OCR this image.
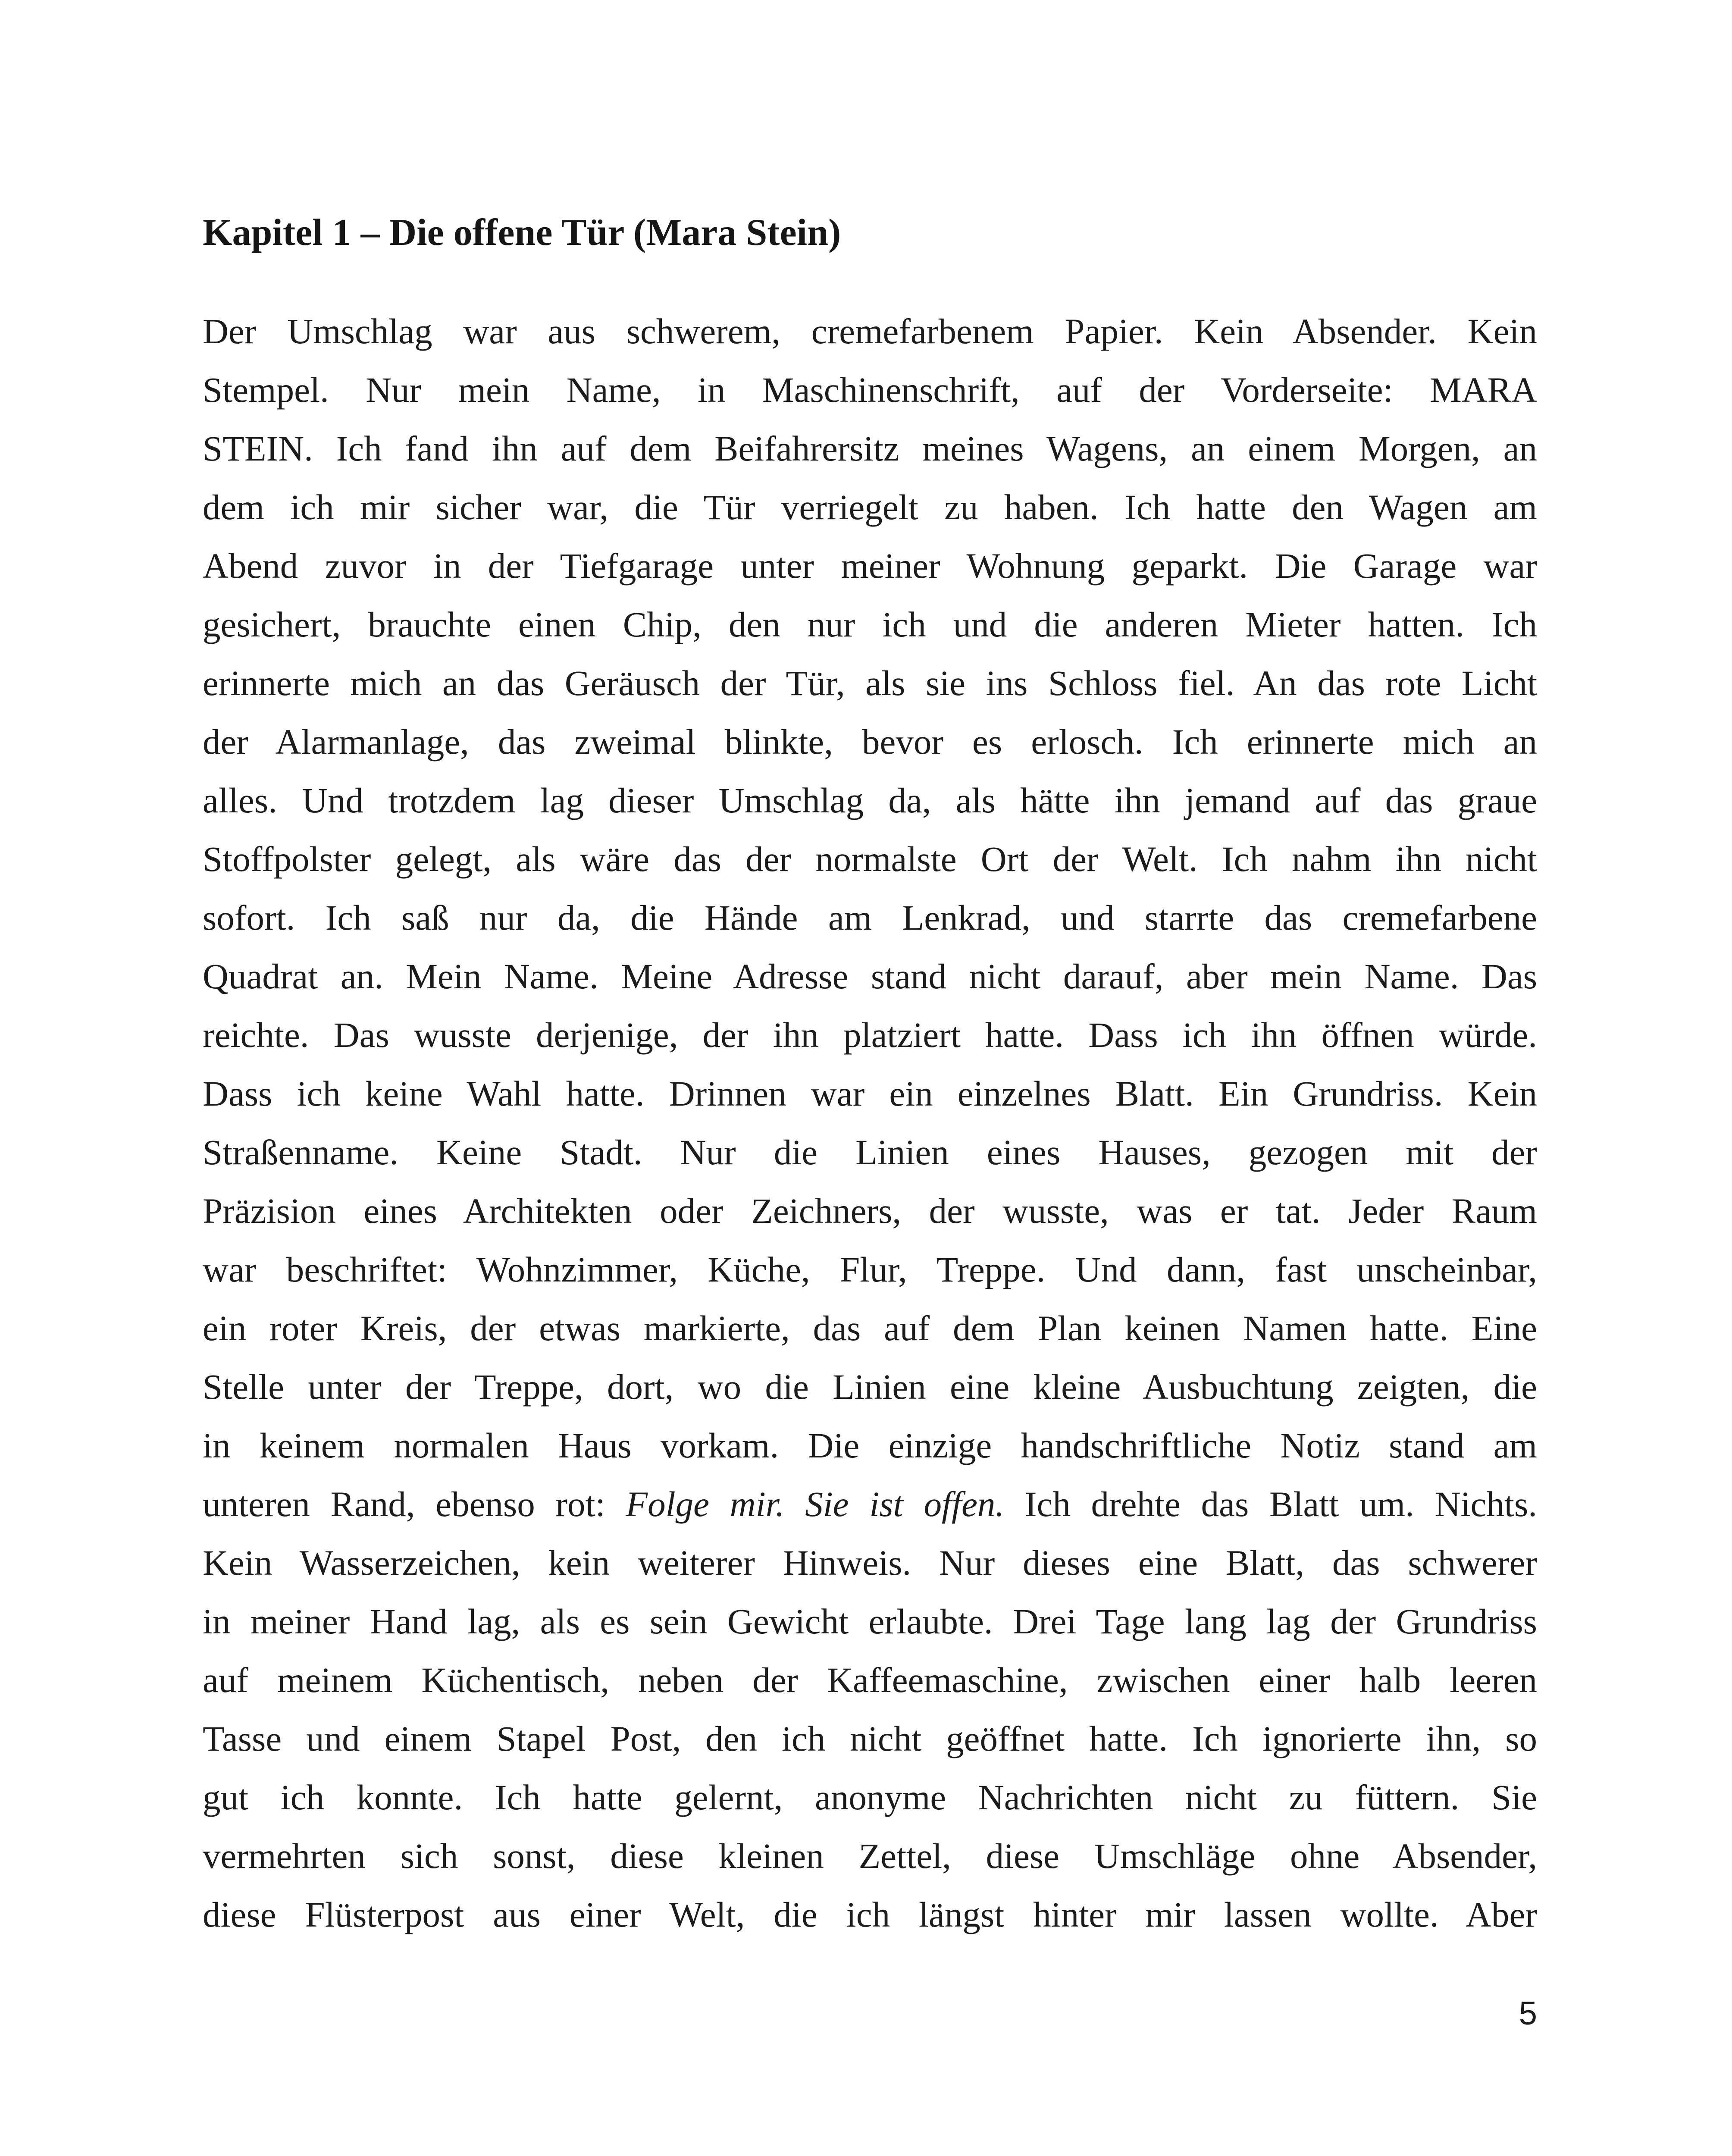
Kapitel 1 – Die offene Tür (Mara Stein)
Der Umschlag war aus schwerem, cremefarbenem Papier. Kein Absender. Kein
Stempel. Nur mein Name, in Maschinenschrift, auf der Vorderseite: MARA
STEIN. Ich fand ihn auf dem Beifahrersitz meines Wagens, an einem Morgen, an
dem ich mir sicher war, die Tür verriegelt zu haben. Ich hatte den Wagen am
Abend zuvor in der Tiefgarage unter meiner Wohnung geparkt. Die Garage war
gesichert, brauchte einen Chip, den nur ich und die anderen Mieter hatten. Ich
erinnerte mich an das Geräusch der Tür, als sie ins Schloss fiel. An das rote Licht
der Alarmanlage, das zweimal blinkte, bevor es erlosch. Ich erinnerte mich an
alles. Und trotzdem lag dieser Umschlag da, als hätte ihn jemand auf das graue
Stoffpolster gelegt, als wäre das der normalste Ort der Welt. Ich nahm ihn nicht
sofort. Ich saß nur da, die Hände am Lenkrad, und starrte das cremefarbene
Quadrat an. Mein Name. Meine Adresse stand nicht darauf, aber mein Name. Das
reichte. Das wusste derjenige, der ihn platziert hatte. Dass ich ihn öffnen würde.
Dass ich keine Wahl hatte. Drinnen war ein einzelnes Blatt. Ein Grundriss. Kein
Straßenname. Keine Stadt. Nur die Linien eines Hauses, gezogen mit der
Präzision eines Architekten oder Zeichners, der wusste, was er tat. Jeder Raum
war beschriftet: Wohnzimmer, Küche, Flur, Treppe. Und dann, fast unscheinbar,
ein roter Kreis, der etwas markierte, das auf dem Plan keinen Namen hatte. Eine
Stelle unter der Treppe, dort, wo die Linien eine kleine Ausbuchtung zeigten, die
in keinem normalen Haus vorkam. Die einzige handschriftliche Notiz stand am
unteren Rand, ebenso rot: Folge mir. Sie ist offen. Ich drehte das Blatt um. Nichts.
Kein Wasserzeichen, kein weiterer Hinweis. Nur dieses eine Blatt, das schwerer
in meiner Hand lag, als es sein Gewicht erlaubte. Drei Tage lang lag der Grundriss
auf meinem Küchentisch, neben der Kaffeemaschine, zwischen einer halb leeren
Tasse und einem Stapel Post, den ich nicht geöffnet hatte. Ich ignorierte ihn, so
gut ich konnte. Ich hatte gelernt, anonyme Nachrichten nicht zu füttern. Sie
vermehrten sich sonst, diese kleinen Zettel, diese Umschläge ohne Absender,
diese Flüsterpost aus einer Welt, die ich längst hinter mir lassen wollte. Aber
5
